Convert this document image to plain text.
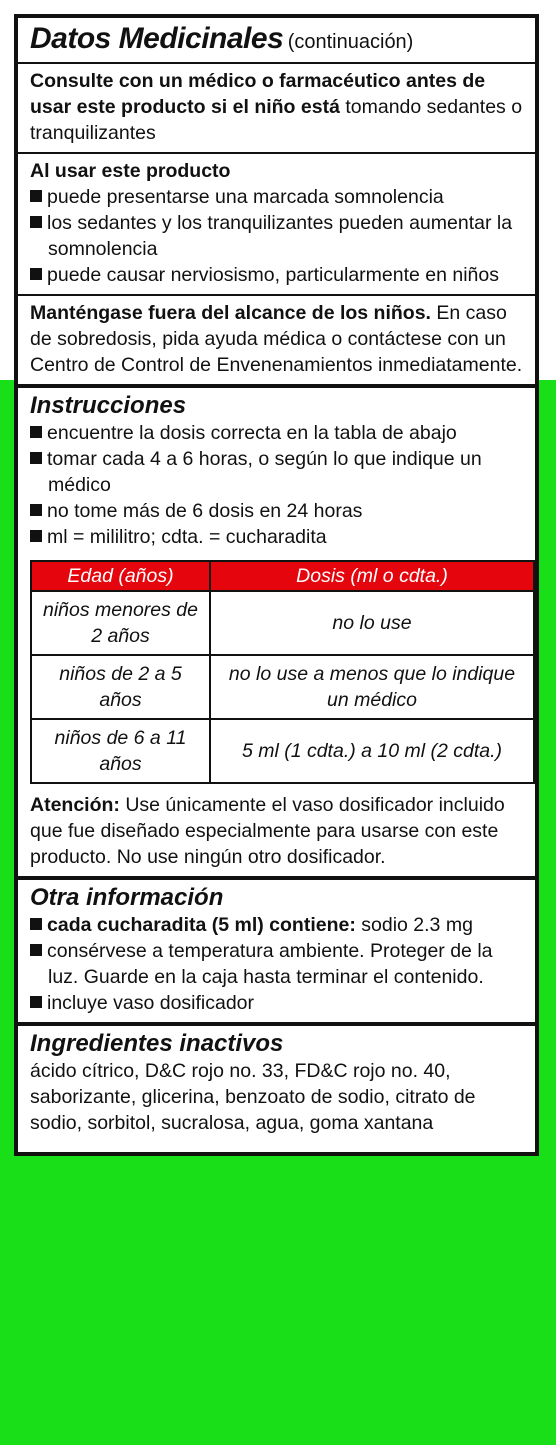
Datos Medicinales (continuación)
Consulte con un médico o farmacéutico antes de usar este producto si el niño está tomando sedantes o tranquilizantes
Al usar este producto
puede presentarse una marcada somnolencia
los sedantes y los tranquilizantes pueden aumentar la somnolencia
puede causar nerviosismo, particularmente en niños
Manténgase fuera del alcance de los niños. En caso de sobredosis, pida ayuda médica o contáctese con un Centro de Control de Envenenamientos inmediatamente.
Instrucciones
encuentre la dosis correcta en la tabla de abajo
tomar cada 4 a 6 horas, o según lo que indique un médico
no tome más de 6 dosis en 24 horas
ml = mililitro; cdta. = cucharadita
Edad (años)	Dosis (ml o cdta.)
niños menores de 2 años	no lo use
niños de 2 a 5 años	no lo use a menos que lo indique un médico
niños de 6 a 11 años	5 ml (1 cdta.) a 10 ml (2 cdta.)
Atención: Use únicamente el vaso dosificador incluido que fue diseñado especialmente para usarse con este producto. No use ningún otro dosificador.
Otra información
cada cucharadita (5 ml) contiene: sodio 2.3 mg
consérvese a temperatura ambiente. Proteger de la luz. Guarde en la caja hasta terminar el contenido.
incluye vaso dosificador
Ingredientes inactivos
ácido cítrico, D&C rojo no. 33, FD&C rojo no. 40, saborizante, glicerina, benzoato de sodio, citrato de sodio, sorbitol, sucralosa, agua, goma xantana
